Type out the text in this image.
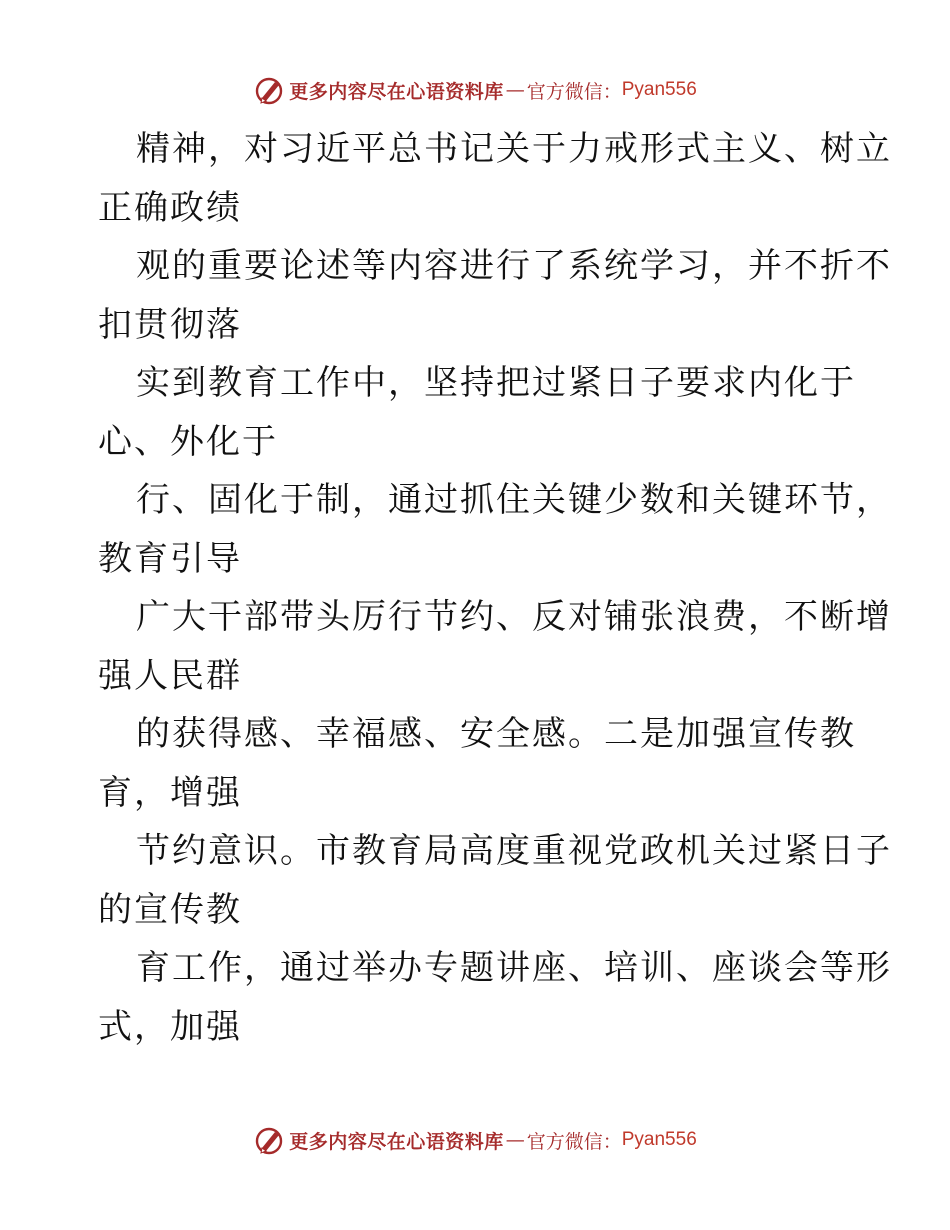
更多内容尽在心语资料库 — 官方微信： Pyan556
精神，对习近平总书记关于力戒形式主义、树立
正确政绩
观的重要论述等内容进行了系统学习，并不折不
扣贯彻落
实到教育工作中，坚持把过紧日子要求内化于
心、外化于
行、固化于制，通过抓住关键少数和关键环节，
教育引导
广大干部带头厉行节约、反对铺张浪费，不断增
强人民群
的获得感、幸福感、安全感。二是加强宣传教
育，增强
节约意识。市教育局高度重视党政机关过紧日子
的宣传教
育工作，通过举办专题讲座、培训、座谈会等形
式，加强
更多内容尽在心语资料库 — 官方微信： Pyan556
